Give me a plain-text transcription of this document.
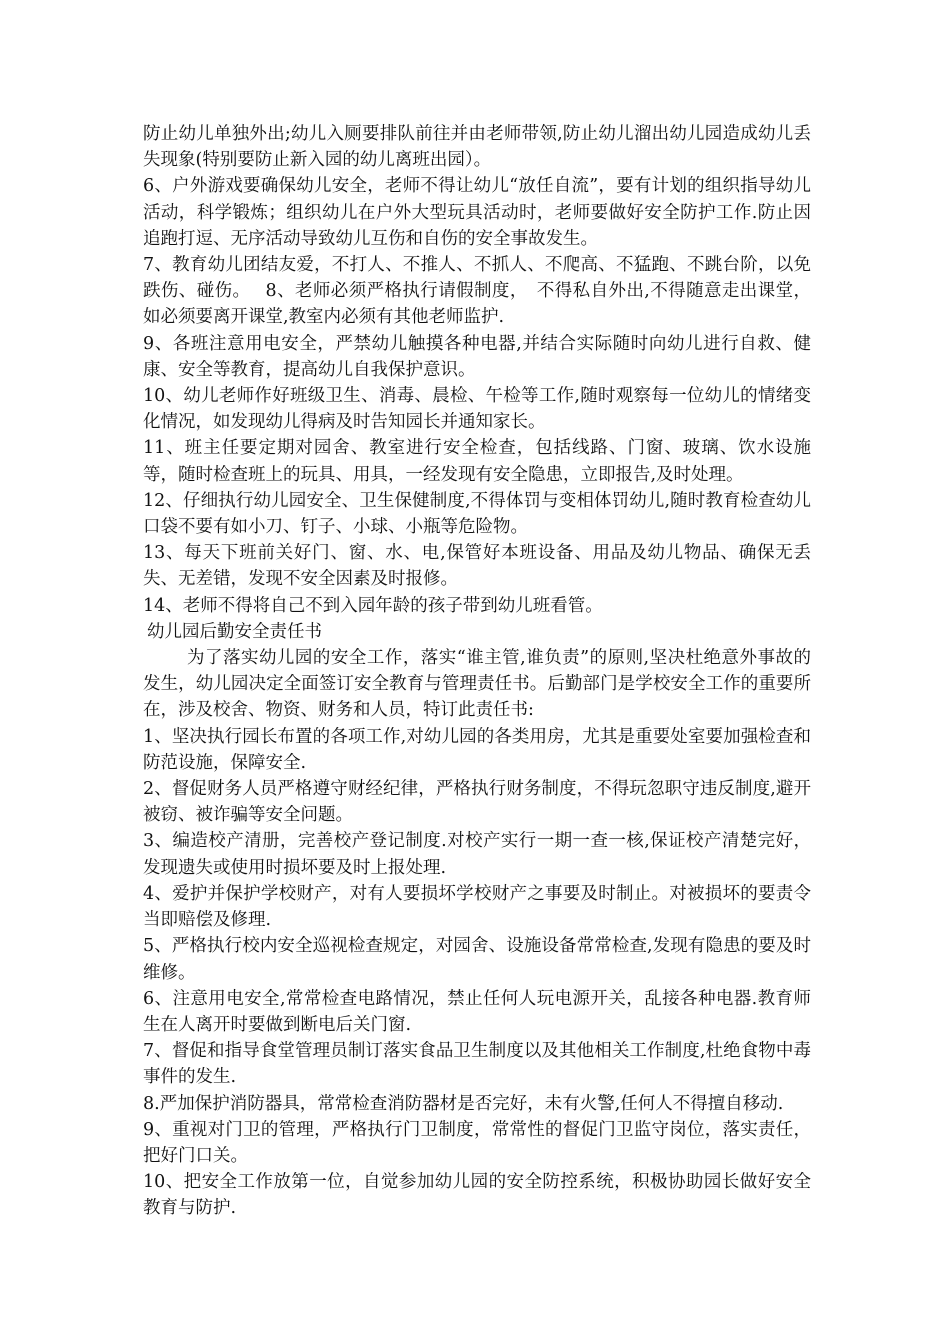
防止幼儿单独外出;幼儿入厕要排队前往并由老师带领,防止幼儿溜出幼儿园造成幼儿丢失现象(特别要防止新入园的幼儿离班出园）。

6、户外游戏要确保幼儿安全，老师不得让幼儿“放任自流”，要有计划的组织指导幼儿活动，科学锻炼；组织幼儿在户外大型玩具活动时，老师要做好安全防护工作.防止因追跑打逗、无序活动导致幼儿互伤和自伤的安全事故发生。

7、教育幼儿团结友爱，不打人、不推人、不抓人、不爬高、不猛跑、不跳台阶，以免跌伤、碰伤。　 8、老师必须严格执行请假制度，　不得私自外出,不得随意走出课堂，如必须要离开课堂,教室内必须有其他老师监护.

9、各班注意用电安全，严禁幼儿触摸各种电器,并结合实际随时向幼儿进行自救、健康、安全等教育，提高幼儿自我保护意识。

10、幼儿老师作好班级卫生、消毒、晨检、午检等工作,随时观察每一位幼儿的情绪变化情况，如发现幼儿得病及时告知园长并通知家长。

11、班主任要定期对园舍、教室进行安全检查，包括线路、门窗、玻璃、饮水设施等，随时检查班上的玩具、用具，一经发现有安全隐患，立即报告,及时处理。

12、仔细执行幼儿园安全、卫生保健制度,不得体罚与变相体罚幼儿,随时教育检查幼儿口袋不要有如小刀、钉子、小球、小瓶等危险物。

13、每天下班前关好门、窗、水、电,保管好本班设备、用品及幼儿物品、确保无丢失、无差错，发现不安全因素及时报修。

14、老师不得将自己不到入园年龄的孩子带到幼儿班看管。

幼儿园后勤安全责任书

为了落实幼儿园的安全工作，落实“谁主管,谁负责”的原则,坚决杜绝意外事故的发生，幼儿园决定全面签订安全教育与管理责任书。后勤部门是学校安全工作的重要所在，涉及校舍、物资、财务和人员，特订此责任书:

1、坚决执行园长布置的各项工作,对幼儿园的各类用房，尤其是重要处室要加强检查和防范设施，保障安全.

2、督促财务人员严格遵守财经纪律，严格执行财务制度，不得玩忽职守违反制度,避开被窃、被诈骗等安全问题。

3、编造校产清册，完善校产登记制度.对校产实行一期一查一核,保证校产清楚完好，发现遗失或使用时损坏要及时上报处理.

4、爱护并保护学校财产，对有人要损坏学校财产之事要及时制止。对被损坏的要责令当即赔偿及修理.

5、严格执行校内安全巡视检查规定，对园舍、设施设备常常检查,发现有隐患的要及时维修。

6、注意用电安全,常常检查电路情况，禁止任何人玩电源开关，乱接各种电器.教育师生在人离开时要做到断电后关门窗.

7、督促和指导食堂管理员制订落实食品卫生制度以及其他相关工作制度,杜绝食物中毒事件的发生.

8.严加保护消防器具，常常检查消防器材是否完好，未有火警,任何人不得擅自移动.

9、重视对门卫的管理，严格执行门卫制度，常常性的督促门卫监守岗位，落实责任，把好门口关。

10、把安全工作放第一位，自觉参加幼儿园的安全防控系统，积极协助园长做好安全教育与防护.
